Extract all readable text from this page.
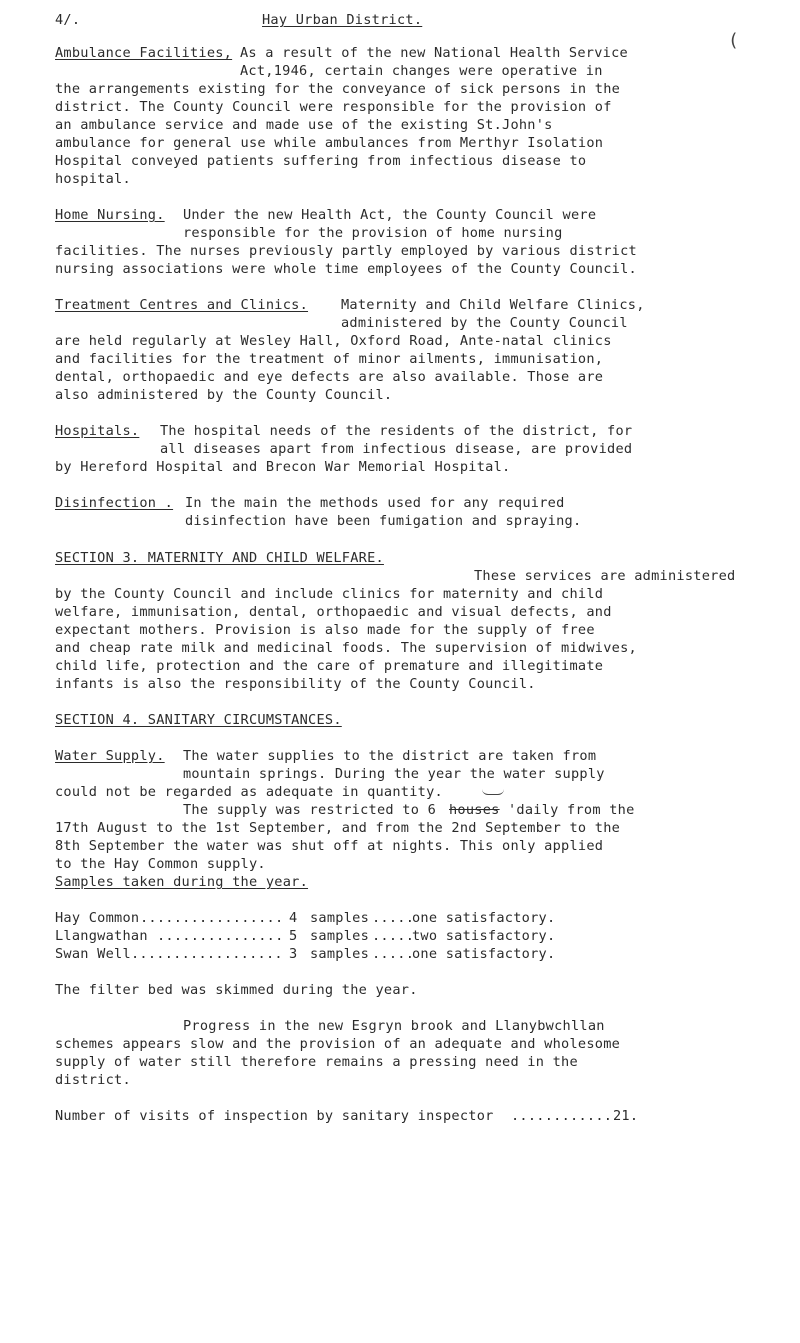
4/.	Hay Urban District.
(
Ambulance Facilities, As a result of the new National Health Service
Act,1946, certain changes were operative in
the arrangements existing for the conveyance of sick persons in the
district. The County Council were responsible for the provision of
an ambulance service and made use of the existing St.John's
ambulance for general use while ambulances from Merthyr Isolation
Hospital conveyed patients suffering from infectious disease to
hospital.
Home Nursing. Under the new Health Act, the County Council were
responsible for the provision of home nursing
facilities. The nurses previously partly employed by various district
nursing associations were whole time employees of the County Council.
Treatment Centres and Clinics. Maternity and Child Welfare Clinics,
administered by the County Council
are held regularly at Wesley Hall, Oxford Road, Ante-natal clinics
and facilities for the treatment of minor ailments, immunisation,
dental, orthopaedic and eye defects are also available. Those are
also administered by the County Council.
Hospitals. The hospital needs of the residents of the district, for
all diseases apart from infectious disease, are provided
by Hereford Hospital and Brecon War Memorial Hospital.
Disinfection . In the main the methods used for any required
disinfection have been fumigation and spraying.
SECTION 3. MATERNITY AND CHILD WELFARE.
These services are administered
by the County Council and include clinics for maternity and child
welfare, immunisation, dental, orthopaedic and visual defects, and
expectant mothers. Provision is also made for the supply of free
and cheap rate milk and medicinal foods. The supervision of midwives,
child life, protection and the care of premature and illegitimate
infants is also the responsibility of the County Council.
SECTION 4. SANITARY CIRCUMSTANCES.
Water Supply. The water supplies to the district are taken from
mountain springs. During the year the water supply
could not be regarded as adequate in quantity.
The supply was restricted to 6 houses 'daily from the
17th August to the 1st September, and from the 2nd September to the
8th September the water was shut off at nights. This only applied
to the Hay Common supply.
Samples taken during the year.
Hay Common ................. 4 samples .....
one satisfactory.
Llangwathan ............... 5 samples .....
two satisfactory.
Swan Well .................. 3 samples .....
one satisfactory.
The filter bed was skimmed during the year.
Progress in the new Esgryn brook and Llanybwchllan
schemes appears slow and the provision of an adequate and wholesome
supply of water still therefore remains a pressing need in the
district.
Number of visits of inspection by sanitary inspector ............ 21.
